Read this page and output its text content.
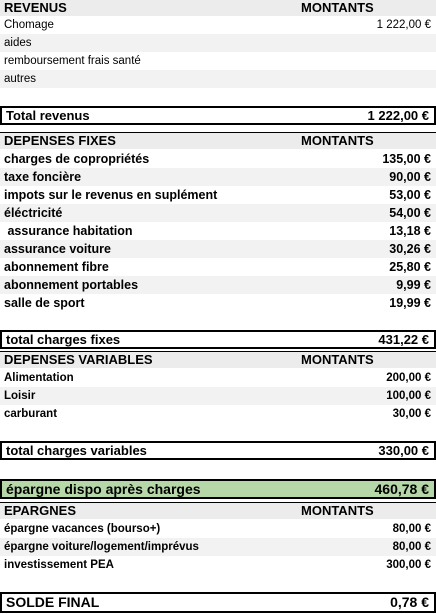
REVENUS	MONTANTS
Chomage	1 222,00 €
aides
remboursement frais santé
autres
Total revenus	1 222,00 €
DEPENSES FIXES	MONTANTS
charges de copropriétés	135,00 €
taxe foncière	90,00 €
impots sur le revenus en suplément	53,00 €
éléctricité	54,00 €
assurance habitation	13,18 €
assurance voiture	30,26 €
abonnement fibre	25,80 €
abonnement portables	9,99 €
salle de sport	19,99 €
total charges fixes	431,22 €
DEPENSES VARIABLES	MONTANTS
Alimentation	200,00 €
Loisir	100,00 €
carburant	30,00 €
total charges variables	330,00 €
épargne dispo après charges	460,78 €
EPARGNES	MONTANTS
épargne vacances (bourso+)	80,00 €
épargne voiture/logement/imprévus	80,00 €
investissement PEA	300,00 €
SOLDE FINAL	0,78 €
